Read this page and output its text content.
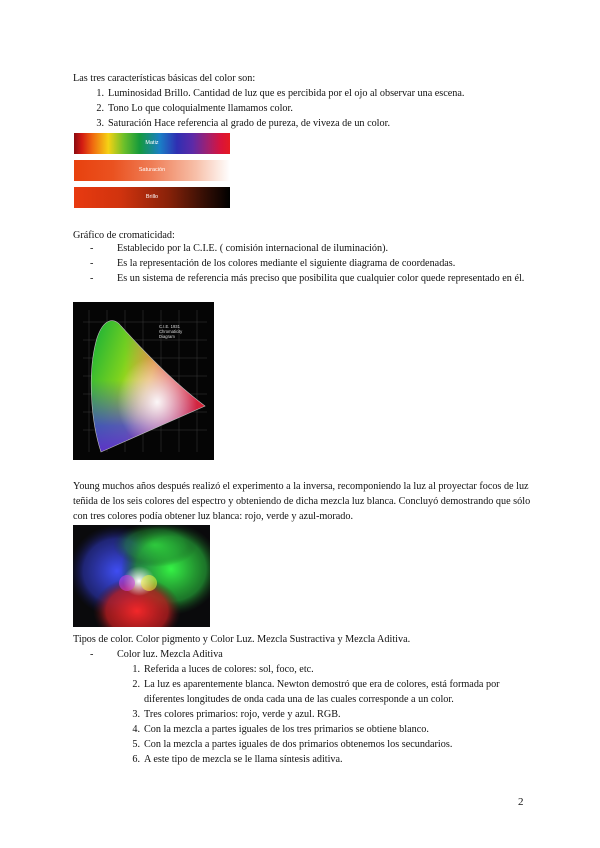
Las tres características básicas del color son:

1. Luminosidad Brillo. Cantidad de luz que es percibida por el ojo al observar una escena.
2. Tono Lo que coloquialmente llamamos color.
3. Saturación Hace referencia al grado de pureza, de viveza de un color.
Matiz
Saturación
Brillo

Gráfico de cromaticidad:

- Establecido por la C.I.E. ( comisión internacional de iluminación).
- Es la representación de los colores mediante el siguiente diagrama de coordenadas.
- Es un sistema de referencia más preciso que posibilita que cualquier color quede representado en él.
C.I.E. 1931
Chromaticity
Diagram

Young muchos años después realizó el experimento a la inversa, recomponiendo la luz al proyectar focos de luz teñida de los seis colores del espectro y obteniendo de dicha mezcla luz blanca. Concluyó demostrando que sólo con tres colores podía obtener luz blanca: rojo, verde y azul-morado.

Tipos de color. Color pigmento y Color Luz. Mezcla Sustractiva y Mezcla Aditiva.

- Color luz. Mezcla Aditiva
1. Referida a luces de colores: sol, foco, etc.
2. La luz es aparentemente blanca. Newton demostró que era de colores, está formada por diferentes longitudes de onda cada una de las cuales corresponde a un color.
3. Tres colores primarios: rojo, verde y azul. RGB.
4. Con la mezcla a partes iguales de los tres primarios se obtiene blanco.
5. Con la mezcla a partes iguales de dos primarios obtenemos los secundarios.
6. A este tipo de mezcla se le llama síntesis aditiva.
2
